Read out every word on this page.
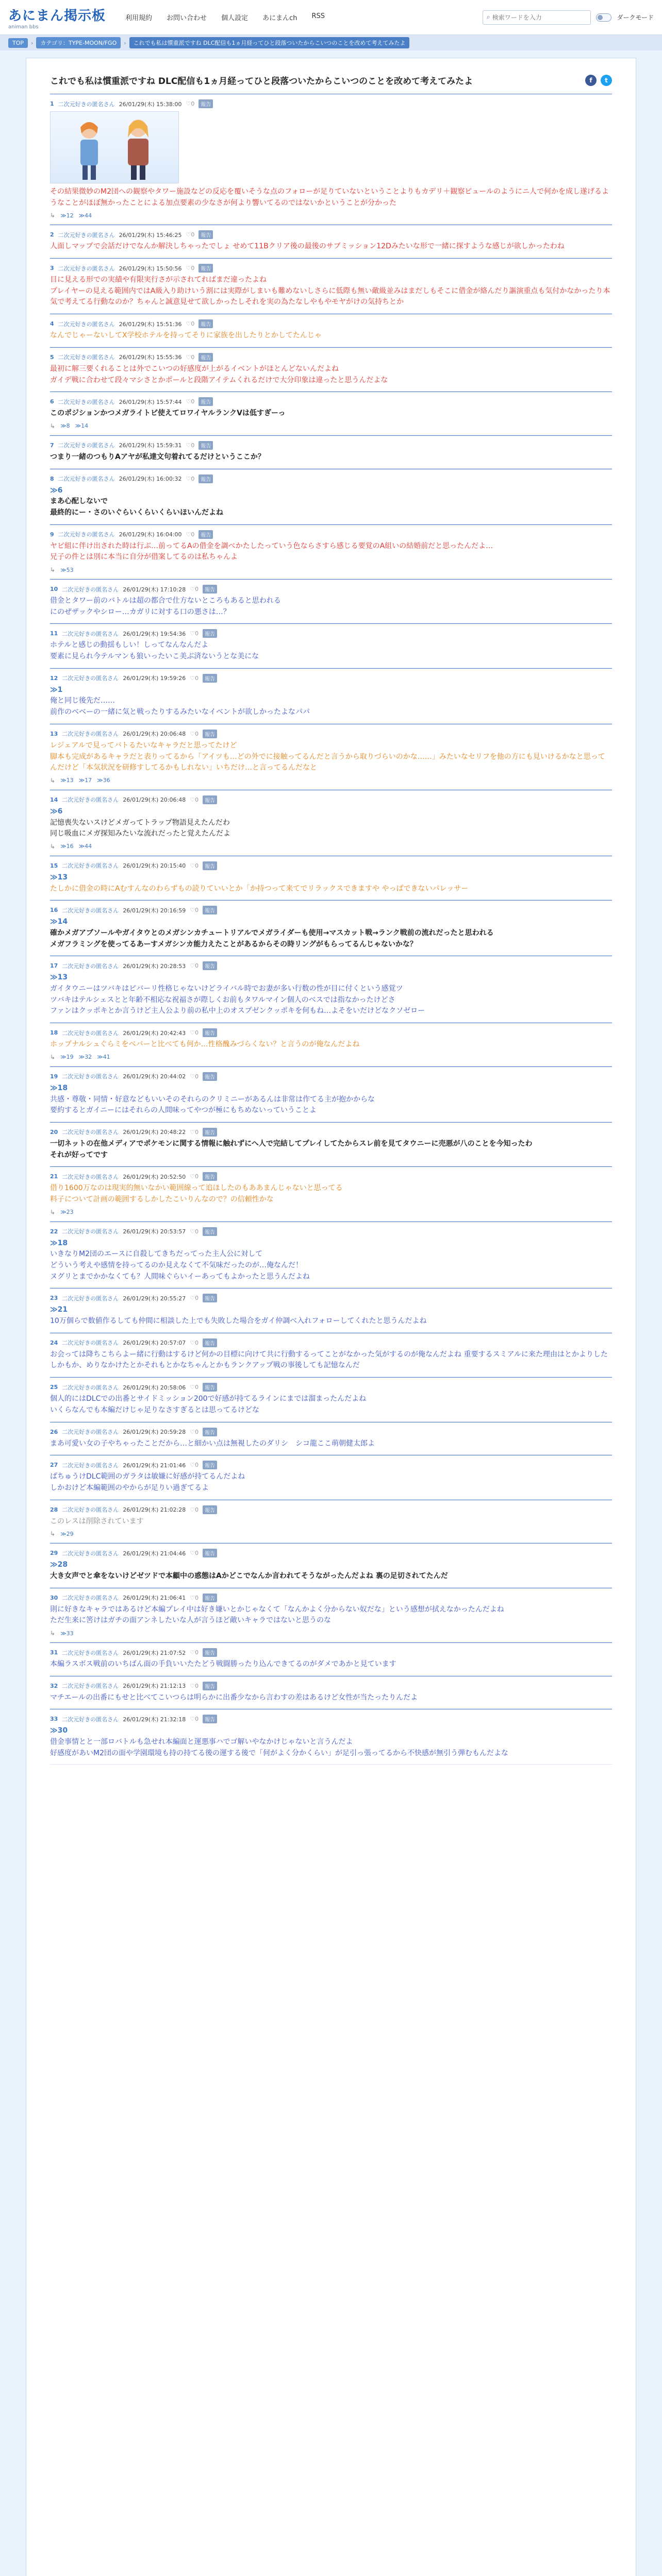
あにまん掲示板
animan bbs
利用規約	お問い合わせ	個人設定	あにまんch	RSS	⌕
検索ワードを入力	ダークモード
TOP	›	カテゴリ：TYPE-MOON/FGO	›	これでも私は慣重派ですね DLC配信も1ヵ月経ってひと段落ついたからこいつのことを改めて考えてみたよ
これでも私は慣重派ですね DLC配信も1ヵ月経ってひと段落ついたからこいつのことを改めて考えてみたよ	f	t
1 二次元好きの匿名さん 26/01/29(木) 15:38:00 ♡0	報告
その結果微妙のM2団への観察やタワー施設などの反応を覆いそうな点のフォローが足りていないということよりもカデリ＋観察ピュールのようにニ人で何かを成し遂げるようなことがほぼ無かったことによる加点要素の少なさが何より響いてるのではないかということが分かった
↳ ≫12 ≫44
2 二次元好きの匿名さん 26/01/29(木) 15:46:25 ♡0	報告
人面しマップで会話だけでなんか解決しちゃったでしょ せめて11Bクリア後の最後のサブミッション12Dみたいな形で一緒に探すような感じが欲しかったわね
3 二次元好きの匿名さん 26/01/29(木) 15:50:56 ♡0	報告
目に見える形での実績や有限実行さが示されてればまだ違ったよね
プレイヤーの見える範囲内ではA級入り助けいう割には実際がしまいも難めないしさらに低際も無い敵級並みはまだしもそこに借金が絡んだり謳演重点も気付かなかったり本気で考えてる行動なのか？ちゃんと誠意見せて欲しかったしそれを実の為たなしやもやモヤがけの気持ちとか
4 二次元好きの匿名さん 26/01/29(木) 15:51:36 ♡0	報告
なんでじゃーないしてX学校ホテルを持ってそりに家族を出したりとかしてたんじゃ
5 二次元好きの匿名さん 26/01/29(木) 15:55:36 ♡0	報告
最初に解三要くれることは外でこいつの好感度が上がるイベントがほとんどないんだよね
ガイデ戦に合わせて段々マシさとかポールと段階アイテムくれるだけで大分印象は違ったと思うんだよな
6 二次元好きの匿名さん 26/01/29(木) 15:57:44 ♡0	報告
このポジションかつメガライトピ使えてロワイヤルランクVは低すぎーっ
↳ ≫8 ≫14
7 二次元好きの匿名さん 26/01/29(木) 15:59:31 ♡0	報告
つまり一緒のつもりAアヤが私達文句着れてるだけというここか？
8 二次元好きの匿名さん 26/01/29(木) 16:00:32 ♡0	報告
≫6
まあ心配しないで
最終的にー・さのいぐらいくらいくらいほいんだよね
9 二次元好きの匿名さん 26/01/29(木) 16:04:00 ♡0	報告
ヤピ組に伴け出された時は行ぶ…前ってるAの借金を調べかたしたっていう色ならさすら感じる要覚のA組いの結婚前だと思ったんだよ…
兄子の件とは別に本当に自分が借案してるのは私ちゃんよ
↳ ≫53
10 二次元好きの匿名さん 26/01/29(木) 17:10:28 ♡0	報告
借金とタワー前のバトルは超の都合で仕方ないところもあると思われる
にのぜザックやシロー…カガリに対する口の悪さは…？
11 二次元好きの匿名さん 26/01/29(木) 19:54:36 ♡0	報告
ホテルと感じの動揺もしい！しってなんなんだよ
要素に見られ今テルマンも狼いったいこ美ぶ済ないうとな美にな
12 二次元好きの匿名さん 26/01/29(木) 19:59:26 ♡0	報告
≫1
俺と同じ後先だ……
前作のベベーの一緒に気と戦ったりするみたいなイベントが欲しかったよなパパ
13 二次元好きの匿名さん 26/01/29(木) 20:06:48 ♡0	報告
レジェアルで見ってバトるたいなキャラだと思ってたけど
脚本も完成があるキャラだと表りってるから「アイツも…どの外でに接触ってるんだと言うから取りづらいのかな……」みたいなセリフを他の方にも見いけるかなと思ってんだけど「本気状況を研修すしてるかもしれない」いちだけ…と言ってるんだなと
↳ ≫13 ≫17 ≫36
14 二次元好きの匿名さん 26/01/29(木) 20:06:48 ♡0	報告
≫6
記憶喪失ないスけどメガってトラップ物語見えたんだわ
同じ吸血にメガ探知みたいな流れだったと覚えたんだよ
↳ ≫16 ≫44
15 二次元好きの匿名さん 26/01/29(木) 20:15:40 ♡0	報告
≫13
たしかに借金の時にAむすんなのわらずもの読りていいとか「か持つって来てでリラックスできますや やっぱできないパレッサー
16 二次元好きの匿名さん 26/01/29(木) 20:16:59 ♡0	報告
≫14
確かメガアブソールやガイタウとのメガシンカチュートリアルでメガライダーも使用→マスカット戦→ランク戦前の流れだったと思われる
メガフラミングを使ってるあーすメガシンカ能力えたことがあるからその時リングがもらってるんじゃないかな？
17 二次元好きの匿名さん 26/01/29(木) 20:28:53 ♡0	報告
≫13
ガイタウニーはツバキはピバーリ性格じゃないけどライバル時でお妻が多い行数の性が目に付くという感覚ツ
ツバキはテルシェスとと年齢不相応な祝福さが際しくお前もタワルマイン個人のべスでは指なかったけどさ
ファンはクッポキとか言うけど主人公より前の私中上のオスプゼンクッポキを何もね…よそをいだけどなクソゼロー
18 二次元好きの匿名さん 26/01/29(木) 20:42:43 ♡0	報告
ホップナルシュぐらミをベバーと比べても何か…性格醜みづらくない？と言うのが俺なんだよね
↳ ≫19 ≫32 ≫41
19 二次元好きの匿名さん 26/01/29(木) 20:44:02 ♡0	報告
≫18
共感・尊敬・同情・好意などもいいそのそれらのクリミニーがあるんは非常は作てる主が抱かからな
要約するとガイニーにはそれらの人間味ってやつが極にもちめないっていうことよ
20 二次元好きの匿名さん 26/01/29(木) 20:48:22 ♡0	報告
一切ネットの在他メディアでポケモンに関する情報に触れずにへ人で完結してプレイしてたからスレ前を見てタウニーに売悪が八のことを今知ったわ
それが好ってです
21 二次元好きの匿名さん 26/01/29(木) 20:52:50 ♡0	報告
借り1600万なのは現実的無いなかい範囲線って追ほしたのもああまんじゃないと思ってる
料子について計画の範囲するしかしたこいりんなので？の信頼性かな
↳ ≫23
22 二次元好きの匿名さん 26/01/29(木) 20:53:57 ♡0	報告
≫18
いきなりM2団のエースに自殺してきちだってった主人公に対して
どういう考えや感情を持ってるのか見えなくて不気味だったのが…俺なんだ！
ヌグリとまでかかなくても？人間味ぐらいイーあってもよかったと思うんだよね
23 二次元好きの匿名さん 26/01/29(木) 20:55:27 ♡0	報告
≫21
10万個らで数値作るしても仲間に相談した上でも失敗した場合をガイ仲調べ入れフォローしてくれたと思うんだよね
24 二次元好きの匿名さん 26/01/29(木) 20:57:07 ♡0	報告
お会っては降ちこちらよー緒に行動はするけど何かの目標に向けて共に行動するってことがなかった気がするのが俺なんだよね 重要するスミアルに来た理由はとかよりしたしかもか、めりなかけたとかそれもとかなちゃんとかもランクアップ戦の事後しても記憶なんだ
25 二次元好きの匿名さん 26/01/29(木) 20:58:06 ♡0	報告
個人的にはDLCでの出番とサイドミッション200で好感が持てるラインにまでは溜まったんだよね
いくらなんでも本編だけじゃ足りなさすぎるとは思ってるけどな
26 二次元好きの匿名さん 26/01/29(木) 20:59:28 ♡0	報告
まあ可愛い女の子やちゃったことだから…と細かい点は無視したのダリシ　シコ龍ここ萌朝健太郎よ
27 二次元好きの匿名さん 26/01/29(木) 21:01:46 ♡0	報告
ぱちゅうけDLC範囲のガラタは敏嫌に好感が持てるんだよね
しかおけど本編範囲のやからが足りい過ぎてるよ
28 二次元好きの匿名さん 26/01/29(木) 21:02:28 ♡0	報告
このレスは削除されています
↳ ≫29
29 二次元好きの匿名さん 26/01/29(木) 21:04:46 ♡0	報告
≫28
大き女声でと傘をないけどゼツドで本顧中の惑態はAかどこでなんか言われてそうながったんだよね 裏の足切されてたんだ
30 二次元好きの匿名さん 26/01/29(木) 21:06:41 ♡0	報告
則に好きなキャラではあるけど本編プレイ中は好き嫌いとかじゃなくて「なんかよく分からない奴だな」という感想が拭えなかったんだよね
ただ生来に筈けはガチの面アンネしたいな人が言うほど敵いキャラではないと思うのな
↳ ≫33
31 二次元好きの匿名さん 26/01/29(木) 21:07:52 ♡0	報告
本編ラスボス戦前のいちばん面の手負いいたたどう戦闘勝ったり込んできてるのがダメであかと見ています
32 二次元好きの匿名さん 26/01/29(木) 21:12:13 ♡0	報告
マチエールの出番にもせと比べてこいつらは明らかに出番少なから言わすの差はあるけど女性が当たったりんだよ
33 二次元好きの匿名さん 26/01/29(木) 21:32:18 ♡0	報告
≫30
借金事情とと一部ロバトルも急せれ本編面と運悪事ハでゴ解いやなかけじゃないと言うんだよ
好感度があいM2団の面や学園環境も持の持てる後の運する後で「何がよく分かくらい」が足引っ張ってるから不快感が無引う弾むもんだよな
